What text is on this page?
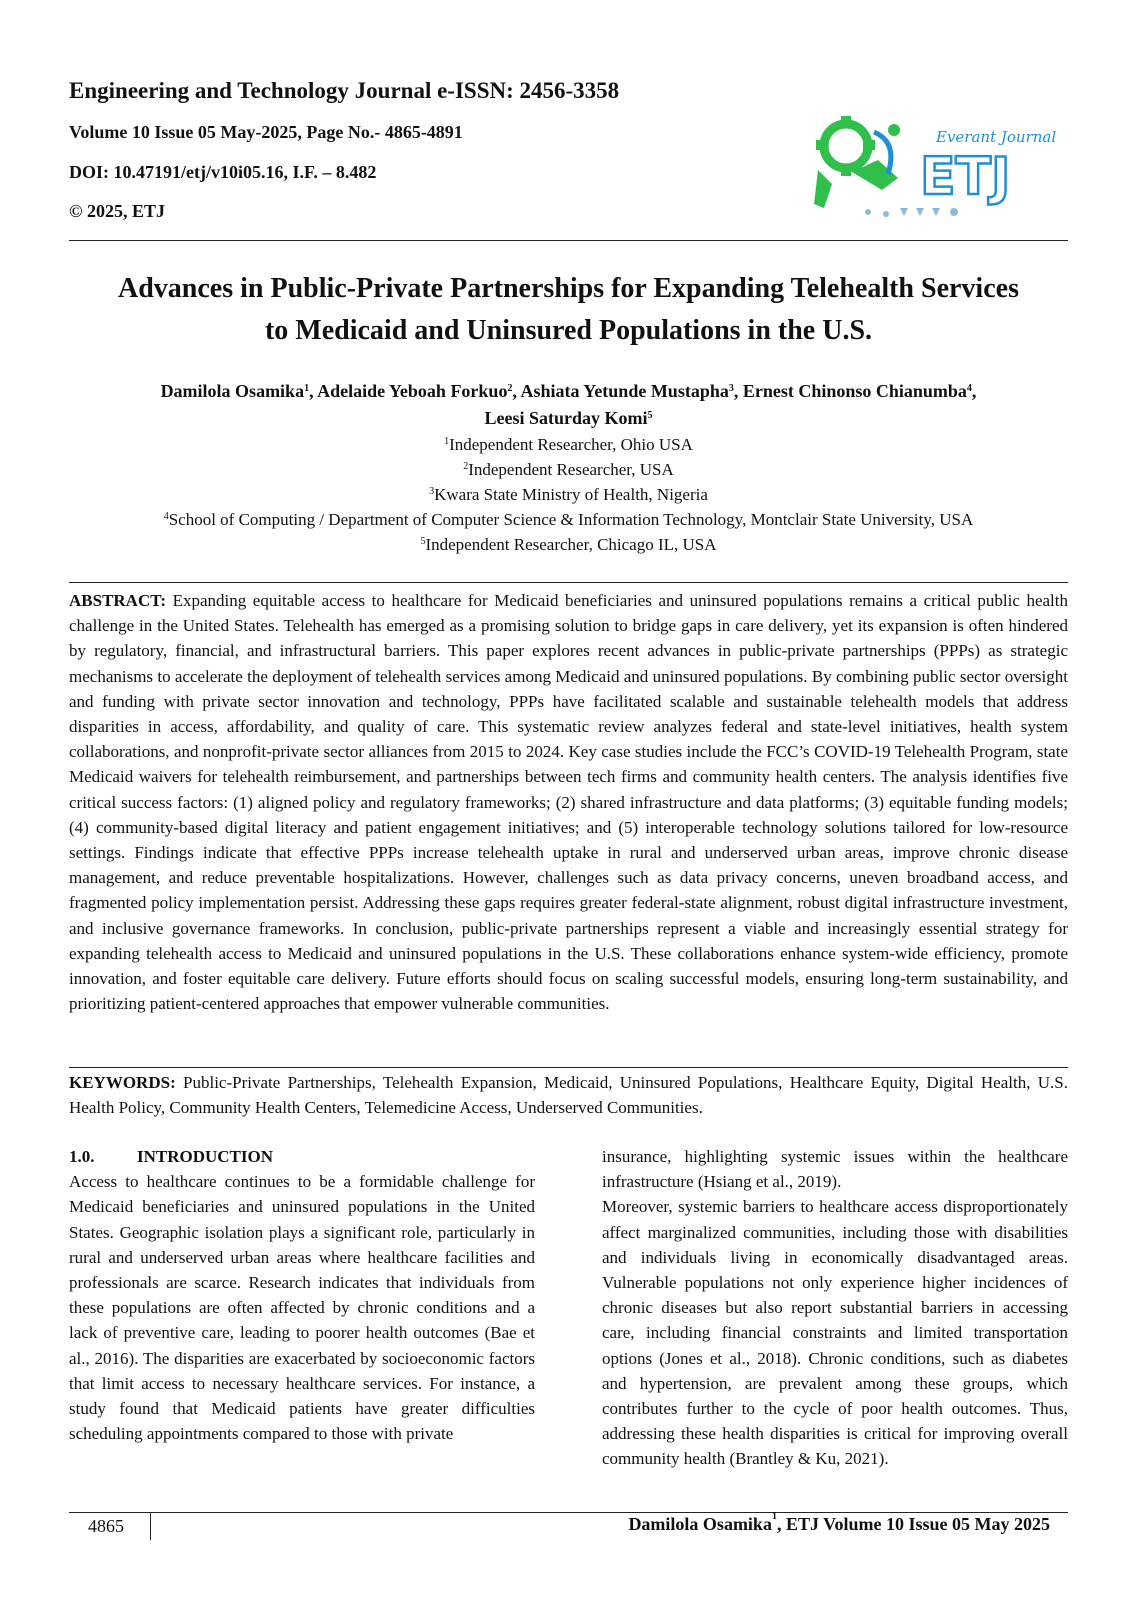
Engineering and Technology Journal e-ISSN: 2456-3358
Volume 10 Issue 05 May-2025, Page No.- 4865-4891
DOI: 10.47191/etj/v10i05.16, I.F. – 8.482
© 2025, ETJ
Everant Journal
ETJ
Advances in Public-Private Partnerships for Expanding Telehealth Services
to Medicaid and Uninsured Populations in the U.S.
Damilola Osamika$^1$, Adelaide Yeboah Forkuo$^2$, Ashiata Yetunde Mustapha$^3$, Ernest Chinonso Chianumba$^4$,
Leesi Saturday Komi$^5$
$^1$Independent Researcher, Ohio USA
$^2$Independent Researcher, USA
$^3$Kwara State Ministry of Health, Nigeria
$^4$School of Computing / Department of Computer Science & Information Technology, Montclair State University, USA
$^5$Independent Researcher, Chicago IL, USA
ABSTRACT: Expanding equitable access to healthcare for Medicaid beneficiaries and uninsured populations remains a critical public health challenge in the United States. Telehealth has emerged as a promising solution to bridge gaps in care delivery, yet its expansion is often hindered by regulatory, financial, and infrastructural barriers. This paper explores recent advances in public-private partnerships (PPPs) as strategic mechanisms to accelerate the deployment of telehealth services among Medicaid and uninsured populations. By combining public sector oversight and funding with private sector innovation and technology, PPPs have facilitated scalable and sustainable telehealth models that address disparities in access, affordability, and quality of care. This systematic review analyzes federal and state-level initiatives, health system collaborations, and nonprofit-private sector alliances from 2015 to 2024. Key case studies include the FCC’s COVID-19 Telehealth Program, state Medicaid waivers for telehealth reimbursement, and partnerships between tech firms and community health centers. The analysis identifies five critical success factors: (1) aligned policy and regulatory frameworks; (2) shared infrastructure and data platforms; (3) equitable funding models; (4) community-based digital literacy and patient engagement initiatives; and (5) interoperable technology solutions tailored for low-resource settings. Findings indicate that effective PPPs increase telehealth uptake in rural and underserved urban areas, improve chronic disease management, and reduce preventable hospitalizations. However, challenges such as data privacy concerns, uneven broadband access, and fragmented policy implementation persist. Addressing these gaps requires greater federal-state alignment, robust digital infrastructure investment, and inclusive governance frameworks. In conclusion, public-private partnerships represent a viable and increasingly essential strategy for expanding telehealth access to Medicaid and uninsured populations in the U.S. These collaborations enhance system-wide efficiency, promote innovation, and foster equitable care delivery. Future efforts should focus on scaling successful models, ensuring long-term sustainability, and prioritizing patient-centered approaches that empower vulnerable communities.
KEYWORDS: Public-Private Partnerships, Telehealth Expansion, Medicaid, Uninsured Populations, Healthcare Equity, Digital Health, U.S. Health Policy, Community Health Centers, Telemedicine Access, Underserved Communities.
1.0.	INTRODUCTION

Access to healthcare continues to be a formidable challenge for Medicaid beneficiaries and uninsured populations in the United States. Geographic isolation plays a significant role, particularly in rural and underserved urban areas where healthcare facilities and professionals are scarce. Research indicates that individuals from these populations are often affected by chronic conditions and a lack of preventive care, leading to poorer health outcomes (Bae et al., 2016). The disparities are exacerbated by socioeconomic factors that limit access to necessary healthcare services. For instance, a study found that Medicaid patients have greater difficulties scheduling appointments compared to those with private

insurance, highlighting systemic issues within the healthcare infrastructure (Hsiang et al., 2019).

Moreover, systemic barriers to healthcare access disproportionately affect marginalized communities, including those with disabilities and individuals living in economically disadvantaged areas. Vulnerable populations not only experience higher incidences of chronic diseases but also report substantial barriers in accessing care, including financial constraints and limited transportation options (Jones et al., 2018). Chronic conditions, such as diabetes and hypertension, are prevalent among these groups, which contributes further to the cycle of poor health outcomes. Thus, addressing these health disparities is critical for improving overall community health (Brantley & Ku, 2021).

4865	Damilola Osamika$^1$, ETJ Volume 10 Issue 05 May 2025
